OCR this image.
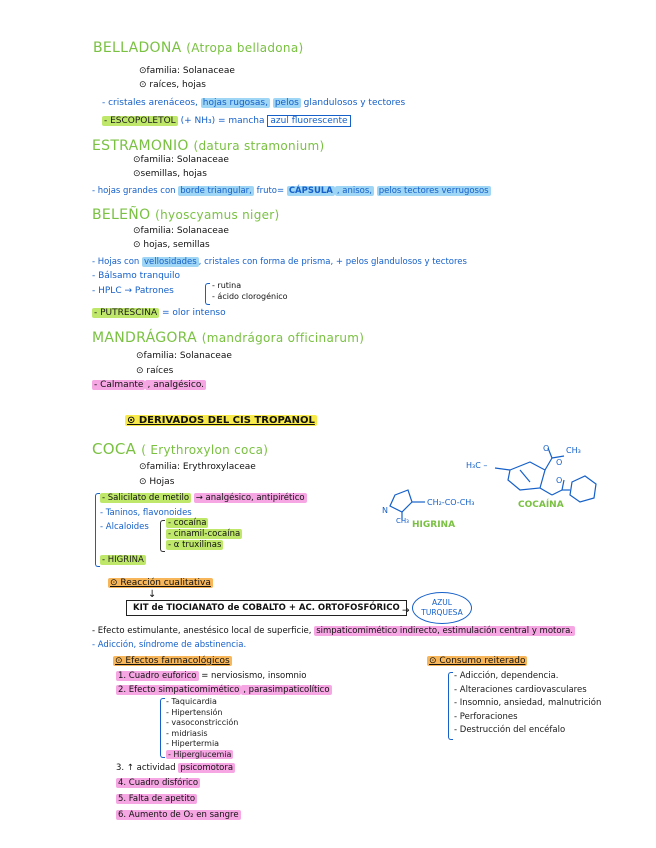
BELLADONA (Atropa belladona)
⊙familia: Solanaceae
⊙ raíces, hojas
- cristales arenáceos, hojas rugosas, pelos glandulosos y tectores
- ESCOPOLETOL (+ NH₃) = mancha azul fluorescente
ESTRAMONIO (datura stramonium)
⊙familia: Solanaceae
⊙semillas, hojas
- hojas grandes con borde triangular, fruto= CÁPSULA , anisos, pelos tectores verrugosos
BELEÑO (hyoscyamus niger)
⊙familia: Solanaceae
⊙ hojas, semillas
- Hojas con vellosidades , cristales con forma de prisma, + pelos glandulosos y tectores
- Bálsamo tranquilo
- HPLC → Patrones
- rutina
- ácido clorogénico
- PUTRESCINA = olor intenso
MANDRÁGORA (mandrágora officinarum)
⊙familia: Solanaceae
⊙ raíces
- Calmante , analgésico.
⊙ DERIVADOS DEL CIS TROPANOL
COCA ( Erythroxylon coca)
⊙familia: Erythroxylaceae
⊙ Hojas
- Salicilato de metilo → analgésico, antipirético
- Taninos, flavonoides
- Alcaloides - cocaína
- cinamil-cocaína
- α truxilinas
- HIGRINA
N
CH₂-CO-CH₃
CH₃ HIGRINA
H₃C –
CH₃
O
O
O
COCAÍNA
⊙ Reacción cualitativa
↓
KIT de TIOCIANATO de COBALTO + AC. ORTOFOSFÓRICO →
AZUL
TURQUESA
- Efecto estimulante, anestésico local de superficie, simpaticomimético indirecto, estimulación central y motora.
- Adicción, síndrome de abstinencia.
⊙ Efectos farmacológicos
1. Cuadro euforico = nerviosismo, insomnio
2. Efecto simpaticomimético , parasimpaticolítico
- Taquicardia
- Hipertensión
- vasoconstricción
- midriasis
- Hipertermia
- Hiperglucemia
3. ↑ actividad psicomotora
4. Cuadro disfórico
5. Falta de apetito
6. Aumento de O₂ en sangre
⊙ Consumo reiterado
- Adicción, dependencia.
- Alteraciones cardiovasculares
- Insomnio, ansiedad, malnutrición
- Perforaciones
- Destrucción del encéfalo
